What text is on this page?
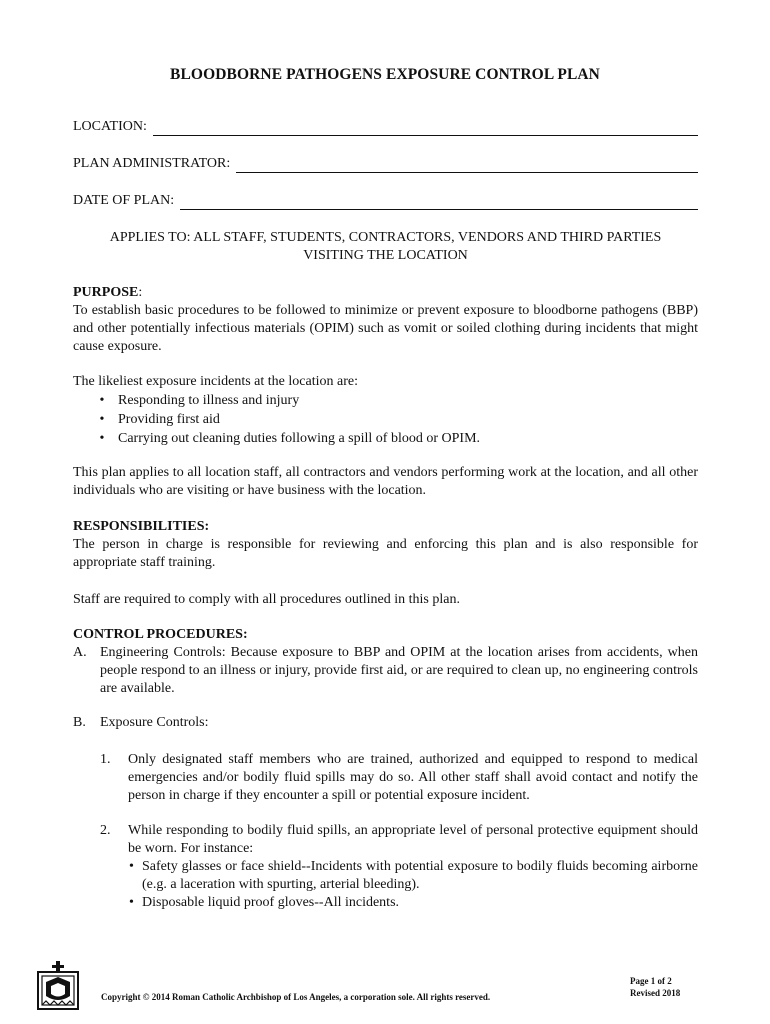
BLOODBORNE PATHOGENS EXPOSURE CONTROL PLAN
LOCATION:
PLAN ADMINISTRATOR:
DATE OF PLAN:
APPLIES TO: ALL STAFF, STUDENTS, CONTRACTORS, VENDORS AND THIRD PARTIES
VISITING THE LOCATION
PURPOSE:
To establish basic procedures to be followed to minimize or prevent exposure to bloodborne pathogens (BBP) and other potentially infectious materials (OPIM) such as vomit or soiled clothing during incidents that might cause exposure.
The likeliest exposure incidents at the location are:
• Responding to illness and injury
• Providing first aid
• Carrying out cleaning duties following a spill of blood or OPIM.
This plan applies to all location staff, all contractors and vendors performing work at the location, and all other individuals who are visiting or have business with the location.
RESPONSIBILITIES:
The person in charge is responsible for reviewing and enforcing this plan and is also responsible for appropriate staff training.
Staff are required to comply with all procedures outlined in this plan.
CONTROL PROCEDURES:
A. Engineering Controls: Because exposure to BBP and OPIM at the location arises from accidents, when people respond to an illness or injury, provide first aid, or are required to clean up, no engineering controls are available.
B. Exposure Controls:
1. Only designated staff members who are trained, authorized and equipped to respond to medical emergencies and/or bodily fluid spills may do so. All other staff shall avoid contact and notify the person in charge if they encounter a spill or potential exposure incident.
2. While responding to bodily fluid spills, an appropriate level of personal protective equipment should be worn. For instance:
• Safety glasses or face shield--Incidents with potential exposure to bodily fluids becoming airborne (e.g. a laceration with spurting, arterial bleeding).
• Disposable liquid proof gloves--All incidents.
Copyright © 2014 Roman Catholic Archbishop of Los Angeles, a corporation sole. All rights reserved.
Page 1 of 2
Revised 2018
